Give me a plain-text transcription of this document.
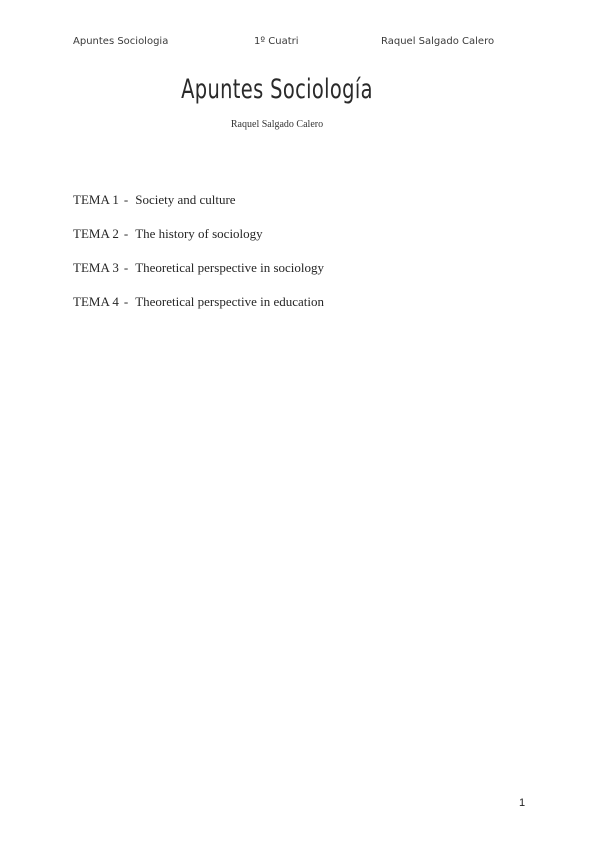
Apuntes Sociologia	1º Cuatri	Raquel Salgado Calero
Apuntes Sociología
Raquel Salgado Calero
TEMA 1 - Society and culture
TEMA 2 - The history of sociology
TEMA 3 - Theoretical perspective in sociology
TEMA 4 - Theoretical perspective in education
1
